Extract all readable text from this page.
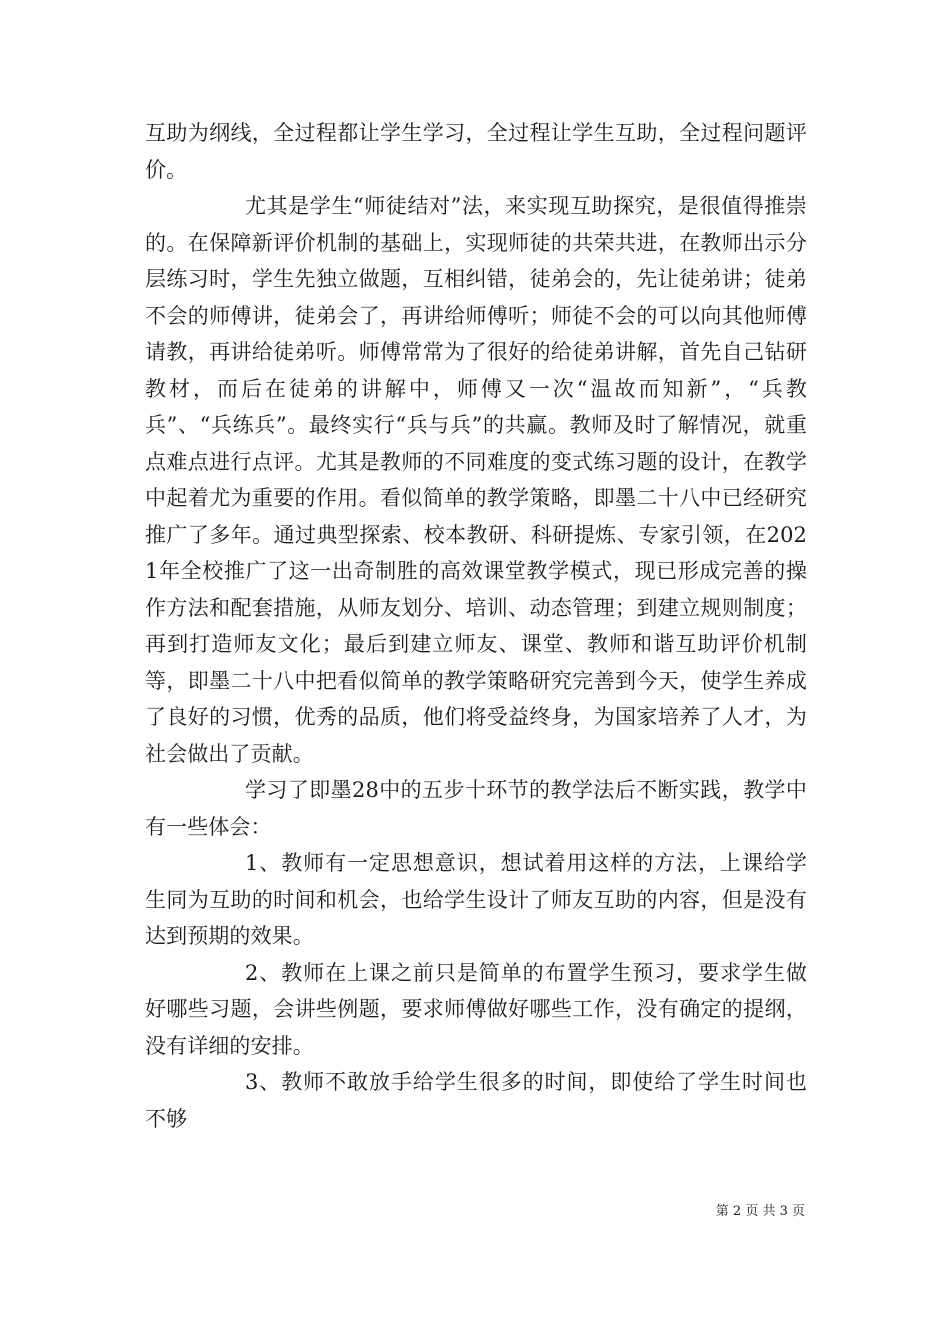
互助为纲线，全过程都让学生学习，全过程让学生互助，全过程问题评价。

尤其是学生“师徒结对”法，来实现互助探究，是很值得推崇的。在保障新评价机制的基础上，实现师徒的共荣共进，在教师出示分层练习时，学生先独立做题，互相纠错，徒弟会的，先让徒弟讲；徒弟不会的师傅讲，徒弟会了，再讲给师傅听；师徒不会的可以向其他师傅请教，再讲给徒弟听。师傅常常为了很好的给徒弟讲解，首先自己钻研教材，而后在徒弟的讲解中，师傅又一次“温故而知新”，“兵教兵”、“兵练兵”。最终实行“兵与兵”的共赢。教师及时了解情况，就重点难点进行点评。尤其是教师的不同难度的变式练习题的设计，在教学中起着尤为重要的作用。看似简单的教学策略，即墨二十八中已经研究推广了多年。通过典型探索、校本教研、科研提炼、专家引领，在2021年全校推广了这一出奇制胜的高效课堂教学模式，现已形成完善的操作方法和配套措施，从师友划分、培训、动态管理；到建立规则制度；再到打造师友文化；最后到建立师友、课堂、教师和谐互助评价机制等，即墨二十八中把看似简单的教学策略研究完善到今天，使学生养成了良好的习惯，优秀的品质，他们将受益终身，为国家培养了人才，为社会做出了贡献。

学习了即墨28中的五步十环节的教学法后不断实践，教学中有一些体会：

1、教师有一定思想意识，想试着用这样的方法，上课给学生同为互助的时间和机会，也给学生设计了师友互助的内容，但是没有达到预期的效果。

2、教师在上课之前只是简单的布置学生预习，要求学生做好哪些习题，会讲些例题，要求师傅做好哪些工作，没有确定的提纲，没有详细的安排。

3、教师不敢放手给学生很多的时间，即使给了学生时间也不够

第 2 页 共 3 页
